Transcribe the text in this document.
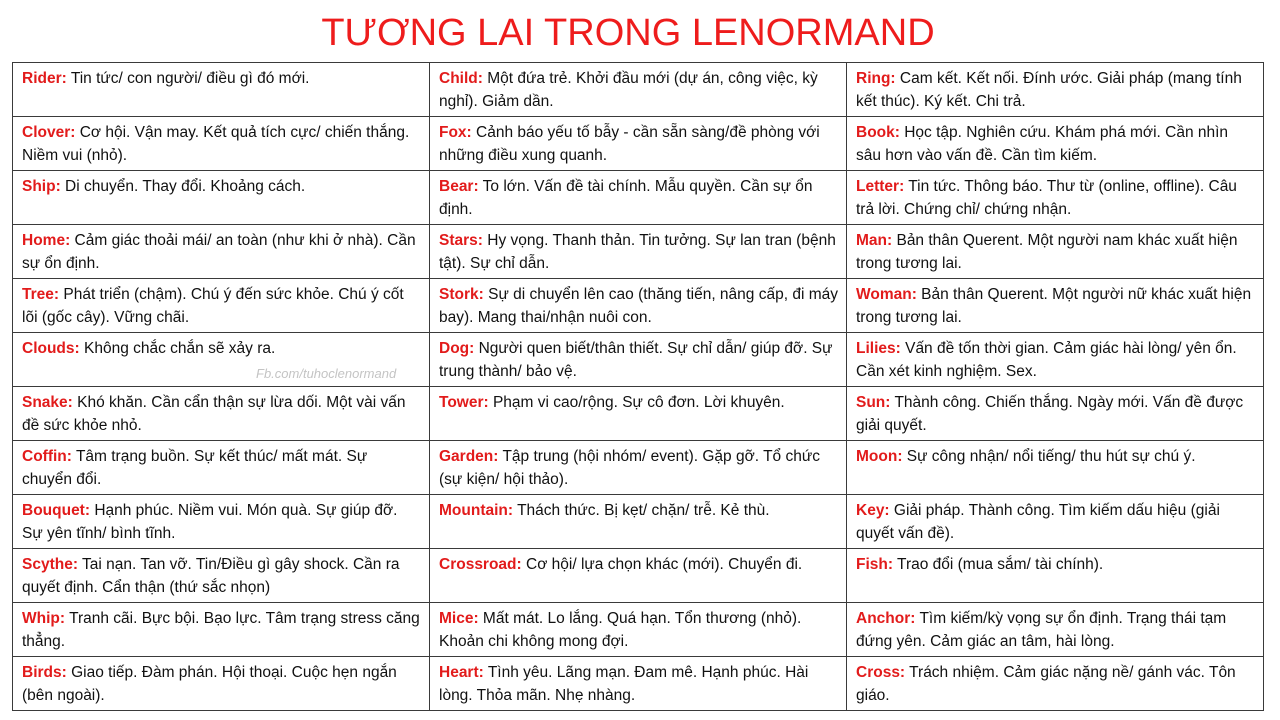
TƯƠNG LAI TRONG LENORMAND
Rider: Tin tức/ con người/ điều gì đó mới.	Child: Một đứa trẻ. Khởi đầu mới (dự án, công việc, kỳ nghỉ). Giảm dần.	Ring: Cam kết. Kết nối. Đính ước. Giải pháp (mang tính kết thúc). Ký kết. Chi trả.
Clover: Cơ hội. Vận may. Kết quả tích cực/ chiến thắng. Niềm vui (nhỏ).	Fox: Cảnh báo yếu tố bẫy - cần sẵn sàng/đề phòng với những điều xung quanh.	Book: Học tập. Nghiên cứu. Khám phá mới. Cần nhìn sâu hơn vào vấn đề. Cần tìm kiếm.
Ship: Di chuyển. Thay đổi. Khoảng cách.	Bear: To lớn. Vấn đề tài chính. Mẫu quyền. Cần sự ổn định.	Letter: Tin tức. Thông báo. Thư từ (online, offline). Câu trả lời. Chứng chỉ/ chứng nhận.
Home: Cảm giác thoải mái/ an toàn (như khi ở nhà). Cần sự ổn định.	Stars: Hy vọng. Thanh thản. Tin tưởng. Sự lan tran (bệnh tật). Sự chỉ dẫn.	Man: Bản thân Querent. Một người nam khác xuất hiện trong tương lai.
Tree: Phát triển (chậm). Chú ý đến sức khỏe. Chú ý cốt lõi (gốc cây). Vững chãi.	Stork: Sự di chuyển lên cao (thăng tiến, nâng cấp, đi máy bay). Mang thai/nhận nuôi con.	Woman: Bản thân Querent. Một người nữ khác xuất hiện trong tương lai.
Clouds: Không chắc chắn sẽ xảy ra.	Dog: Người quen biết/thân thiết. Sự chỉ dẫn/ giúp đỡ. Sự trung thành/ bảo vệ.	Lilies: Vấn đề tốn thời gian. Cảm giác hài lòng/ yên ổn. Cần xét kinh nghiệm. Sex.
Snake: Khó khăn. Cần cẩn thận sự lừa dối. Một vài vấn đề sức khỏe nhỏ.	Tower: Phạm vi cao/rộng. Sự cô đơn. Lời khuyên.	Sun: Thành công. Chiến thắng. Ngày mới. Vấn đề được giải quyết.
Coffin: Tâm trạng buồn. Sự kết thúc/ mất mát. Sự chuyển đổi.	Garden: Tập trung (hội nhóm/ event). Gặp gỡ. Tổ chức (sự kiện/ hội thảo).	Moon: Sự công nhận/ nổi tiếng/ thu hút sự chú ý.
Bouquet: Hạnh phúc. Niềm vui. Món quà. Sự giúp đỡ. Sự yên tĩnh/ bình tĩnh.	Mountain: Thách thức. Bị kẹt/ chặn/ trễ. Kẻ thù.	Key: Giải pháp. Thành công. Tìm kiếm dấu hiệu (giải quyết vấn đề).
Scythe: Tai nạn. Tan vỡ. Tin/Điều gì gây shock. Cần ra quyết định. Cẩn thận (thứ sắc nhọn)	Crossroad: Cơ hội/ lựa chọn khác (mới). Chuyển đi.	Fish: Trao đổi (mua sắm/ tài chính).
Whip: Tranh cãi. Bực bội. Bạo lực. Tâm trạng stress căng thẳng.	Mice: Mất mát. Lo lắng. Quá hạn. Tổn thương (nhỏ). Khoản chi không mong đợi.	Anchor: Tìm kiếm/kỳ vọng sự ổn định. Trạng thái tạm đứng yên. Cảm giác an tâm, hài lòng.
Birds: Giao tiếp. Đàm phán. Hội thoại. Cuộc hẹn ngắn (bên ngoài).	Heart: Tình yêu. Lãng mạn. Đam mê. Hạnh phúc. Hài lòng. Thỏa mãn. Nhẹ nhàng.	Cross: Trách nhiệm. Cảm giác nặng nề/ gánh vác. Tôn giáo.
Fb.com/tuhoclenormand
